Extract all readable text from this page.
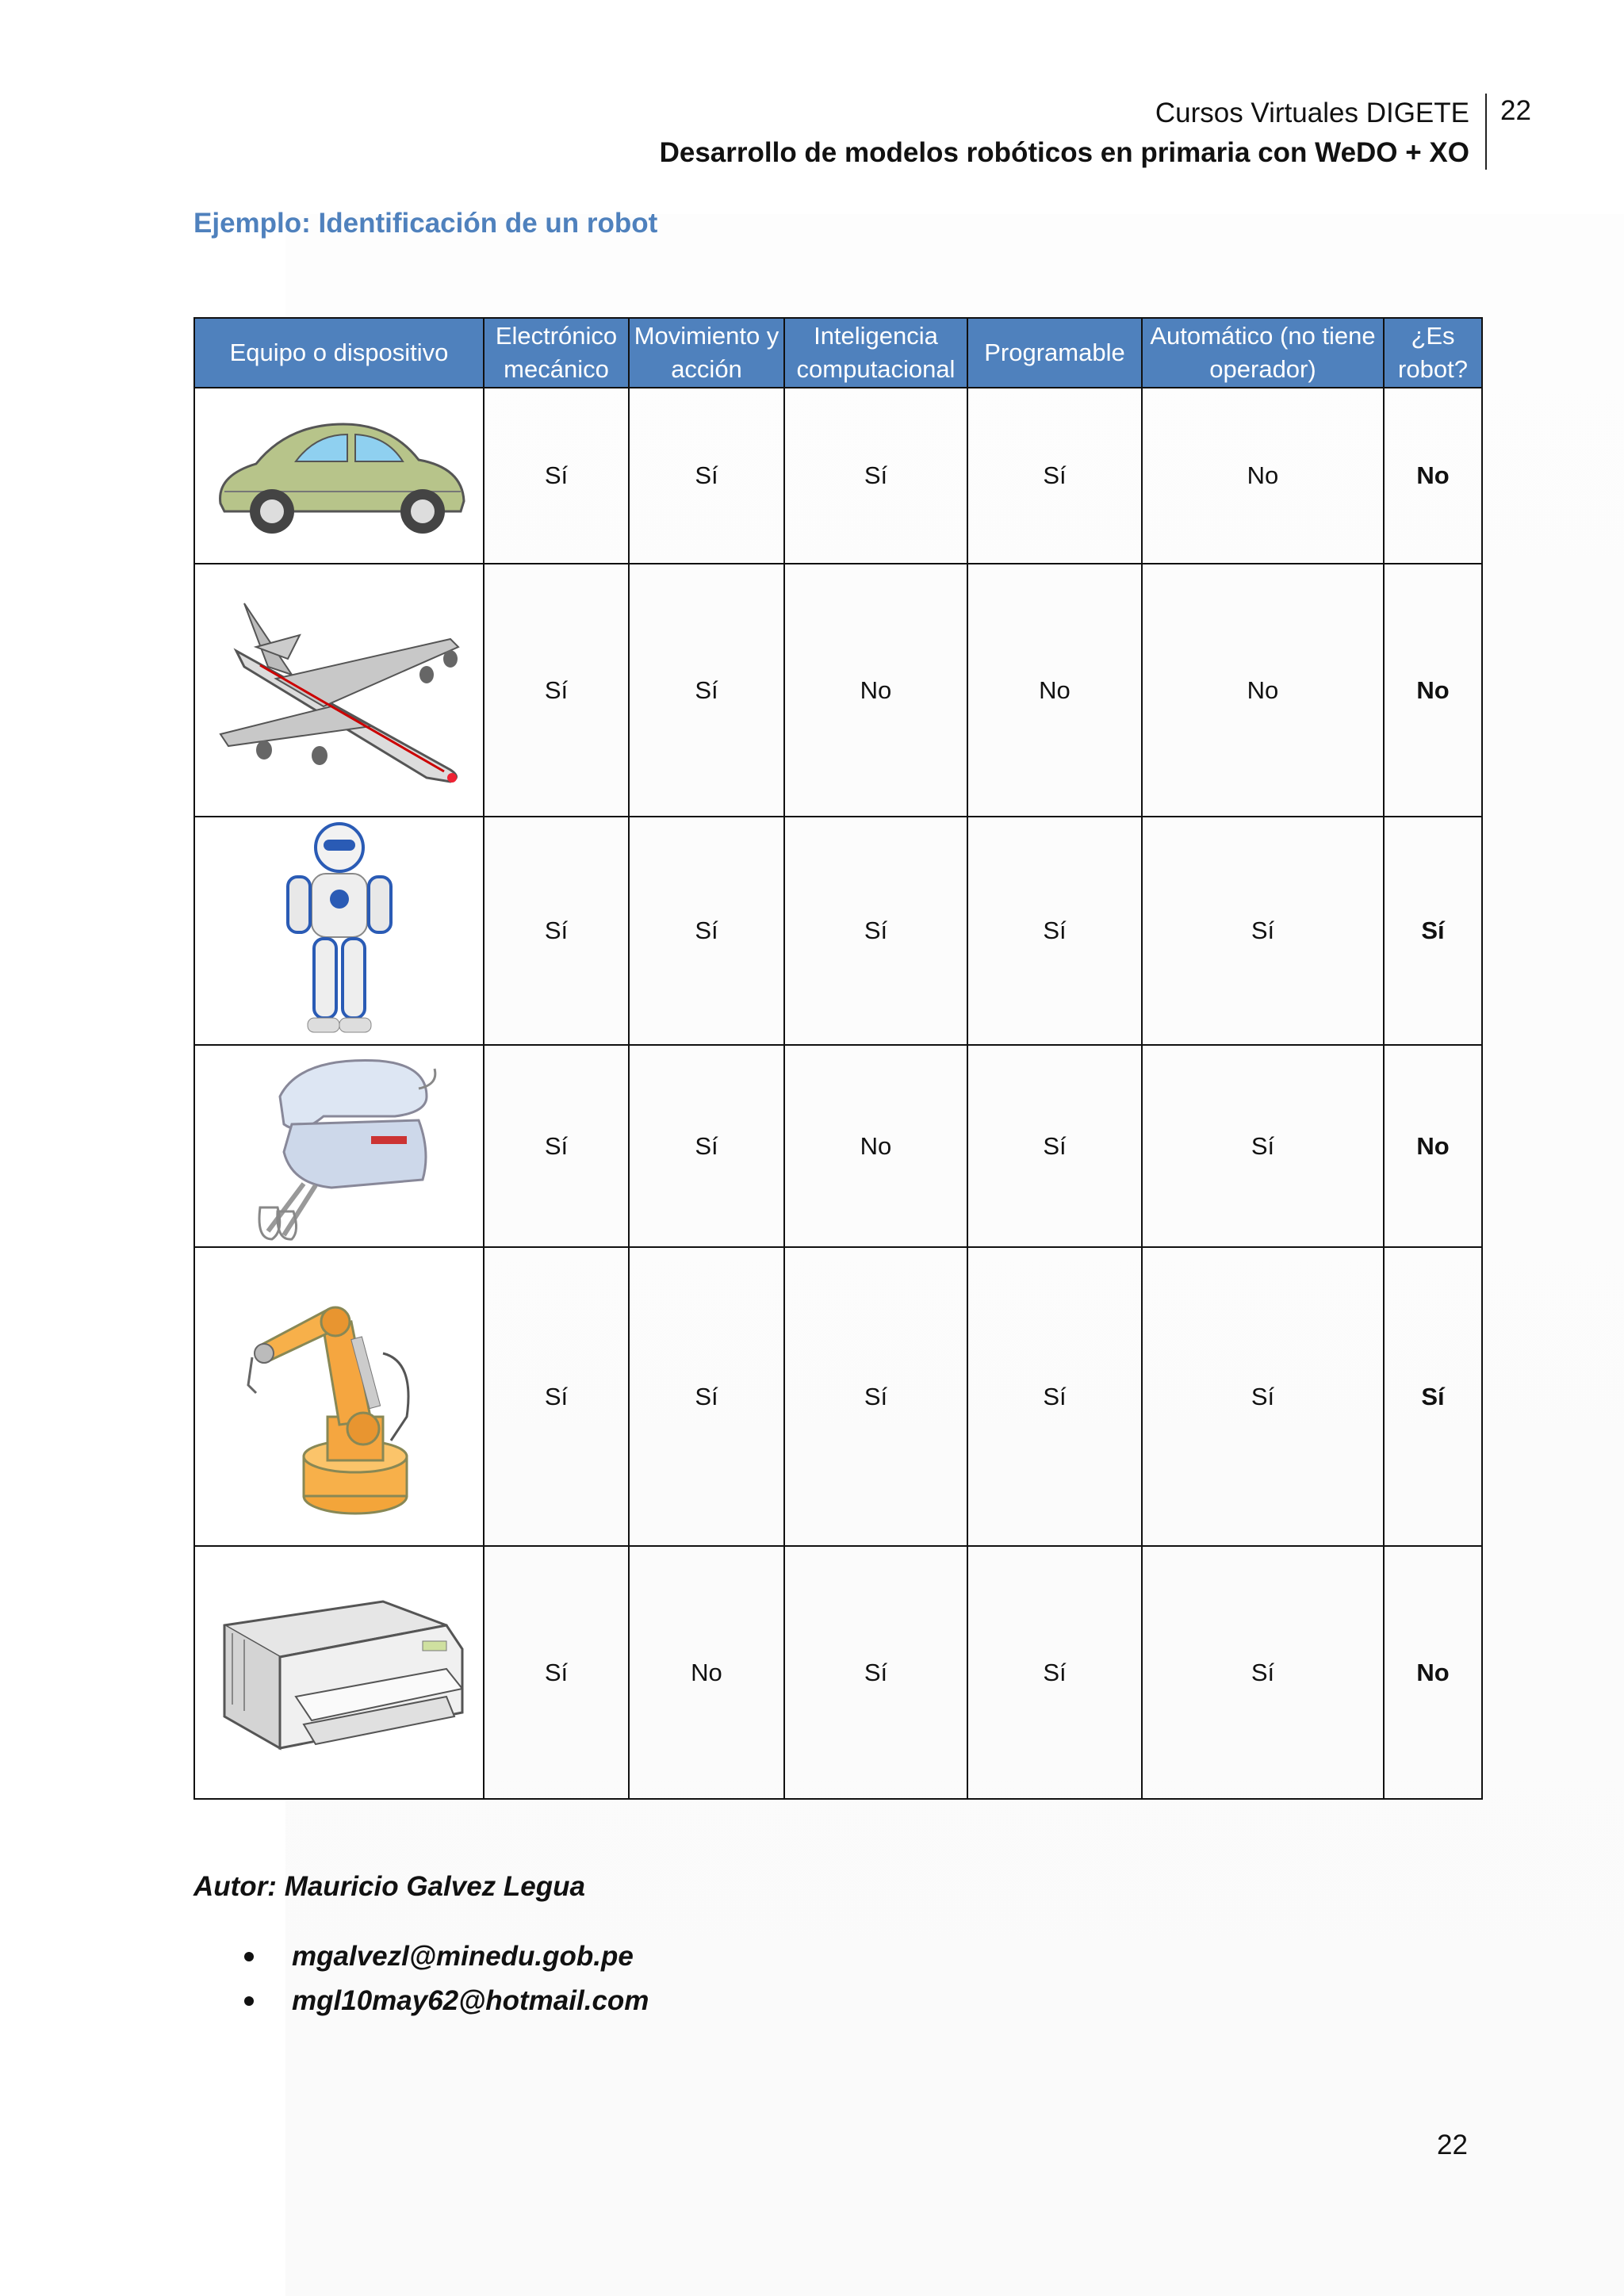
Cursos Virtuales DIGETE
Desarrollo de modelos robóticos en primaria con WeDO + XO
22
Ejemplo: Identificación de un robot
Equipo o dispositivo	Electrónico mecánico	Movimiento y acción	Inteligencia computacional	Programable	Automático (no tiene operador)	¿Es robot?

	Sí	Sí	Sí	Sí	No	No

	Sí	Sí	No	No	No	No

	Sí	Sí	Sí	Sí	Sí	Sí

	Sí	Sí	No	Sí	Sí	No

	Sí	Sí	Sí	Sí	Sí	Sí

	Sí	No	Sí	Sí	Sí	No
Autor: Mauricio Galvez Legua
mgalvezl@minedu.gob.pe
mgl10may62@hotmail.com
22
